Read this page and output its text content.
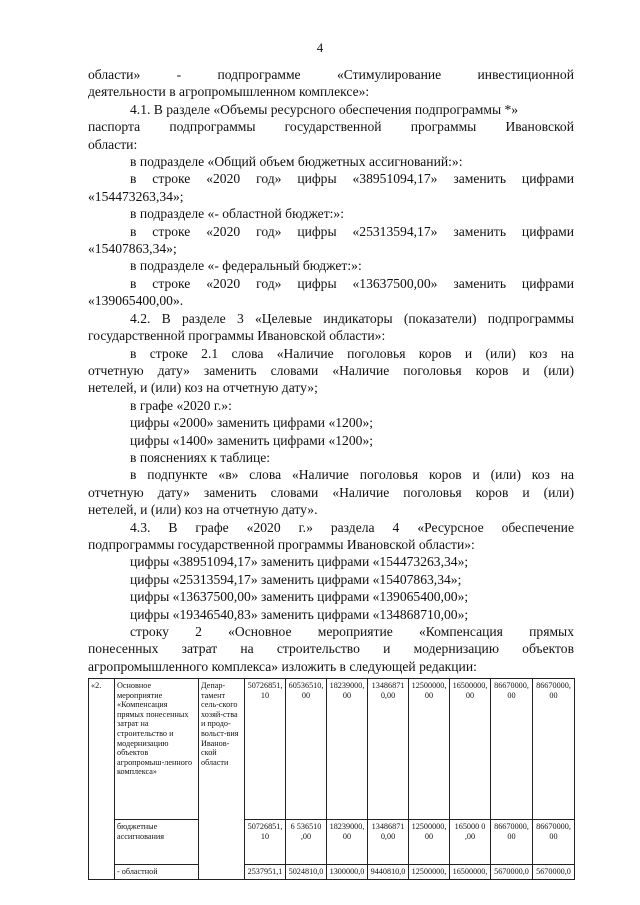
4

области» - подпрограмме «Стимулирование инвестиционной

деятельности в агропромышленном комплексе»:

4.1. В разделе «Объемы ресурсного обеспечения подпрограммы *»

паспорта подпрограммы государственной программы Ивановской

области:

в подразделе «Общий объем бюджетных ассигнований:»:

в строке «2020 год» цифры «38951094,17» заменить цифрами

«154473263,34»;

в подразделе «- областной бюджет:»:

в строке «2020 год» цифры «25313594,17» заменить цифрами

«15407863,34»;

в подразделе «- федеральный бюджет:»:

в строке «2020 год» цифры «13637500,00» заменить цифрами

«139065400,00».

4.2. В разделе 3 «Целевые индикаторы (показатели) подпрограммы

государственной программы Ивановской области»:

в строке 2.1 слова «Наличие поголовья коров и (или) коз на

отчетную дату» заменить словами «Наличие поголовья коров и (или)

нетелей, и (или) коз на отчетную дату»;

в графе «2020 г.»:

цифры «2000» заменить цифрами «1200»;

цифры «1400» заменить цифрами «1200»;

в пояснениях к таблице:

в подпункте «в» слова «Наличие поголовья коров и (или) коз на

отчетную дату» заменить словами «Наличие поголовья коров и (или)

нетелей, и (или) коз на отчетную дату».

4.3. В графе «2020 г.» раздела 4 «Ресурсное обеспечение

подпрограммы государственной программы Ивановской области»:

цифры «38951094,17» заменить цифрами «154473263,34»;

цифры «25313594,17» заменить цифрами «15407863,34»;

цифры «13637500,00» заменить цифрами «139065400,00»;

цифры «19346540,83» заменить цифрами «134868710,00»;

строку 2 «Основное мероприятие «Компенсация прямых

понесенных затрат на строительство и модернизацию объектов

агропромышленного комплекса» изложить в следующей редакции:

«2.	Основное мероприятие «Компенсация прямых понесенных затрат на строительство и модернизацию объектов агропромыш-ленного комплекса»	Депар-тамент сель-ского хозяй-ства и продо-вольст-вия Иванов-ской области	50726851, 10	60536510, 00	18239000, 00	13486871 0,00	12500000, 00	16500000, 00	86670000, 00	86670000, 00
	бюджетные ассигнования		50726851, 10	6 536510 ,00	18239000, 00	13486871 0,00	12500000, 00	165000 0 ,00	86670000, 00	86670000, 00
	- областной		2537951,1	5024810,0	1300000,0	9440810,0	12500000,	16500000,	5670000,0	5670000,0
